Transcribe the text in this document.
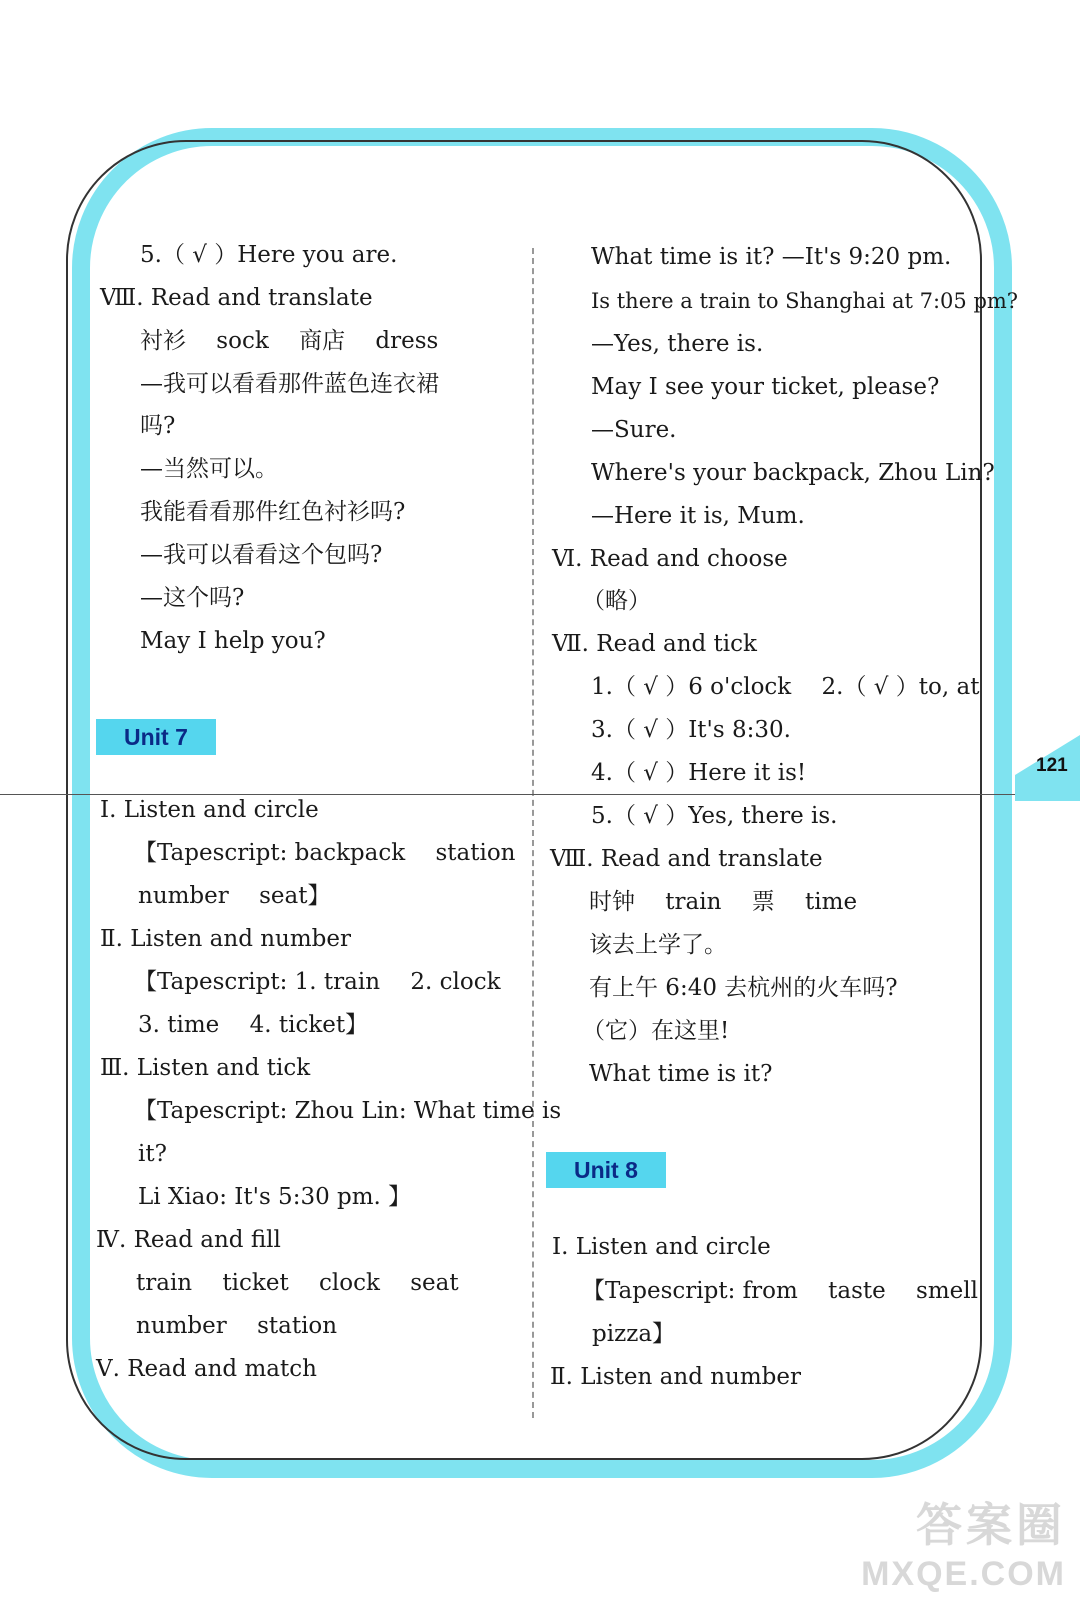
121
5.（ √ ）Here you are.
Ⅷ. Read and translate
衬衫　 sock　 商店　 dress
—我可以看看那件蓝色连衣裙
吗?
—当然可以。
我能看看那件红色衬衫吗?
—我可以看看这个包吗?
—这个吗?
May I help you?
Unit 7
Ⅰ. Listen and circle
【Tapescript: backpack　 station
number　 seat】
Ⅱ. Listen and number
【Tapescript: 1. train　 2. clock
3. time　 4. ticket】
Ⅲ. Listen and tick
【Tapescript: Zhou Lin: What time is
it?
Li Xiao: It's 5:30 pm. 】
Ⅳ. Read and fill
train　 ticket　 clock　 seat
number　 station
Ⅴ. Read and match
What time is it? —It's 9:20 pm.
Is there a train to Shanghai at 7:05 pm?
—Yes, there is.
May I see your ticket, please?
—Sure.
Where's your backpack, Zhou Lin?
—Here it is, Mum.
Ⅵ. Read and choose
（略）
Ⅶ. Read and tick
1.（ √ ）6 o'clock　 2.（ √ ）to, at
3.（ √ ）It's 8:30.
4.（ √ ）Here it is!
5.（ √ ）Yes, there is.
Ⅷ. Read and translate
时钟　 train　 票　 time
该去上学了。
有上午 6:40 去杭州的火车吗?
（它）在这里!
What time is it?
Unit 8
Ⅰ. Listen and circle
【Tapescript: from　 taste　 smell
pizza】
Ⅱ. Listen and number
答案圈
MXQE.COM
